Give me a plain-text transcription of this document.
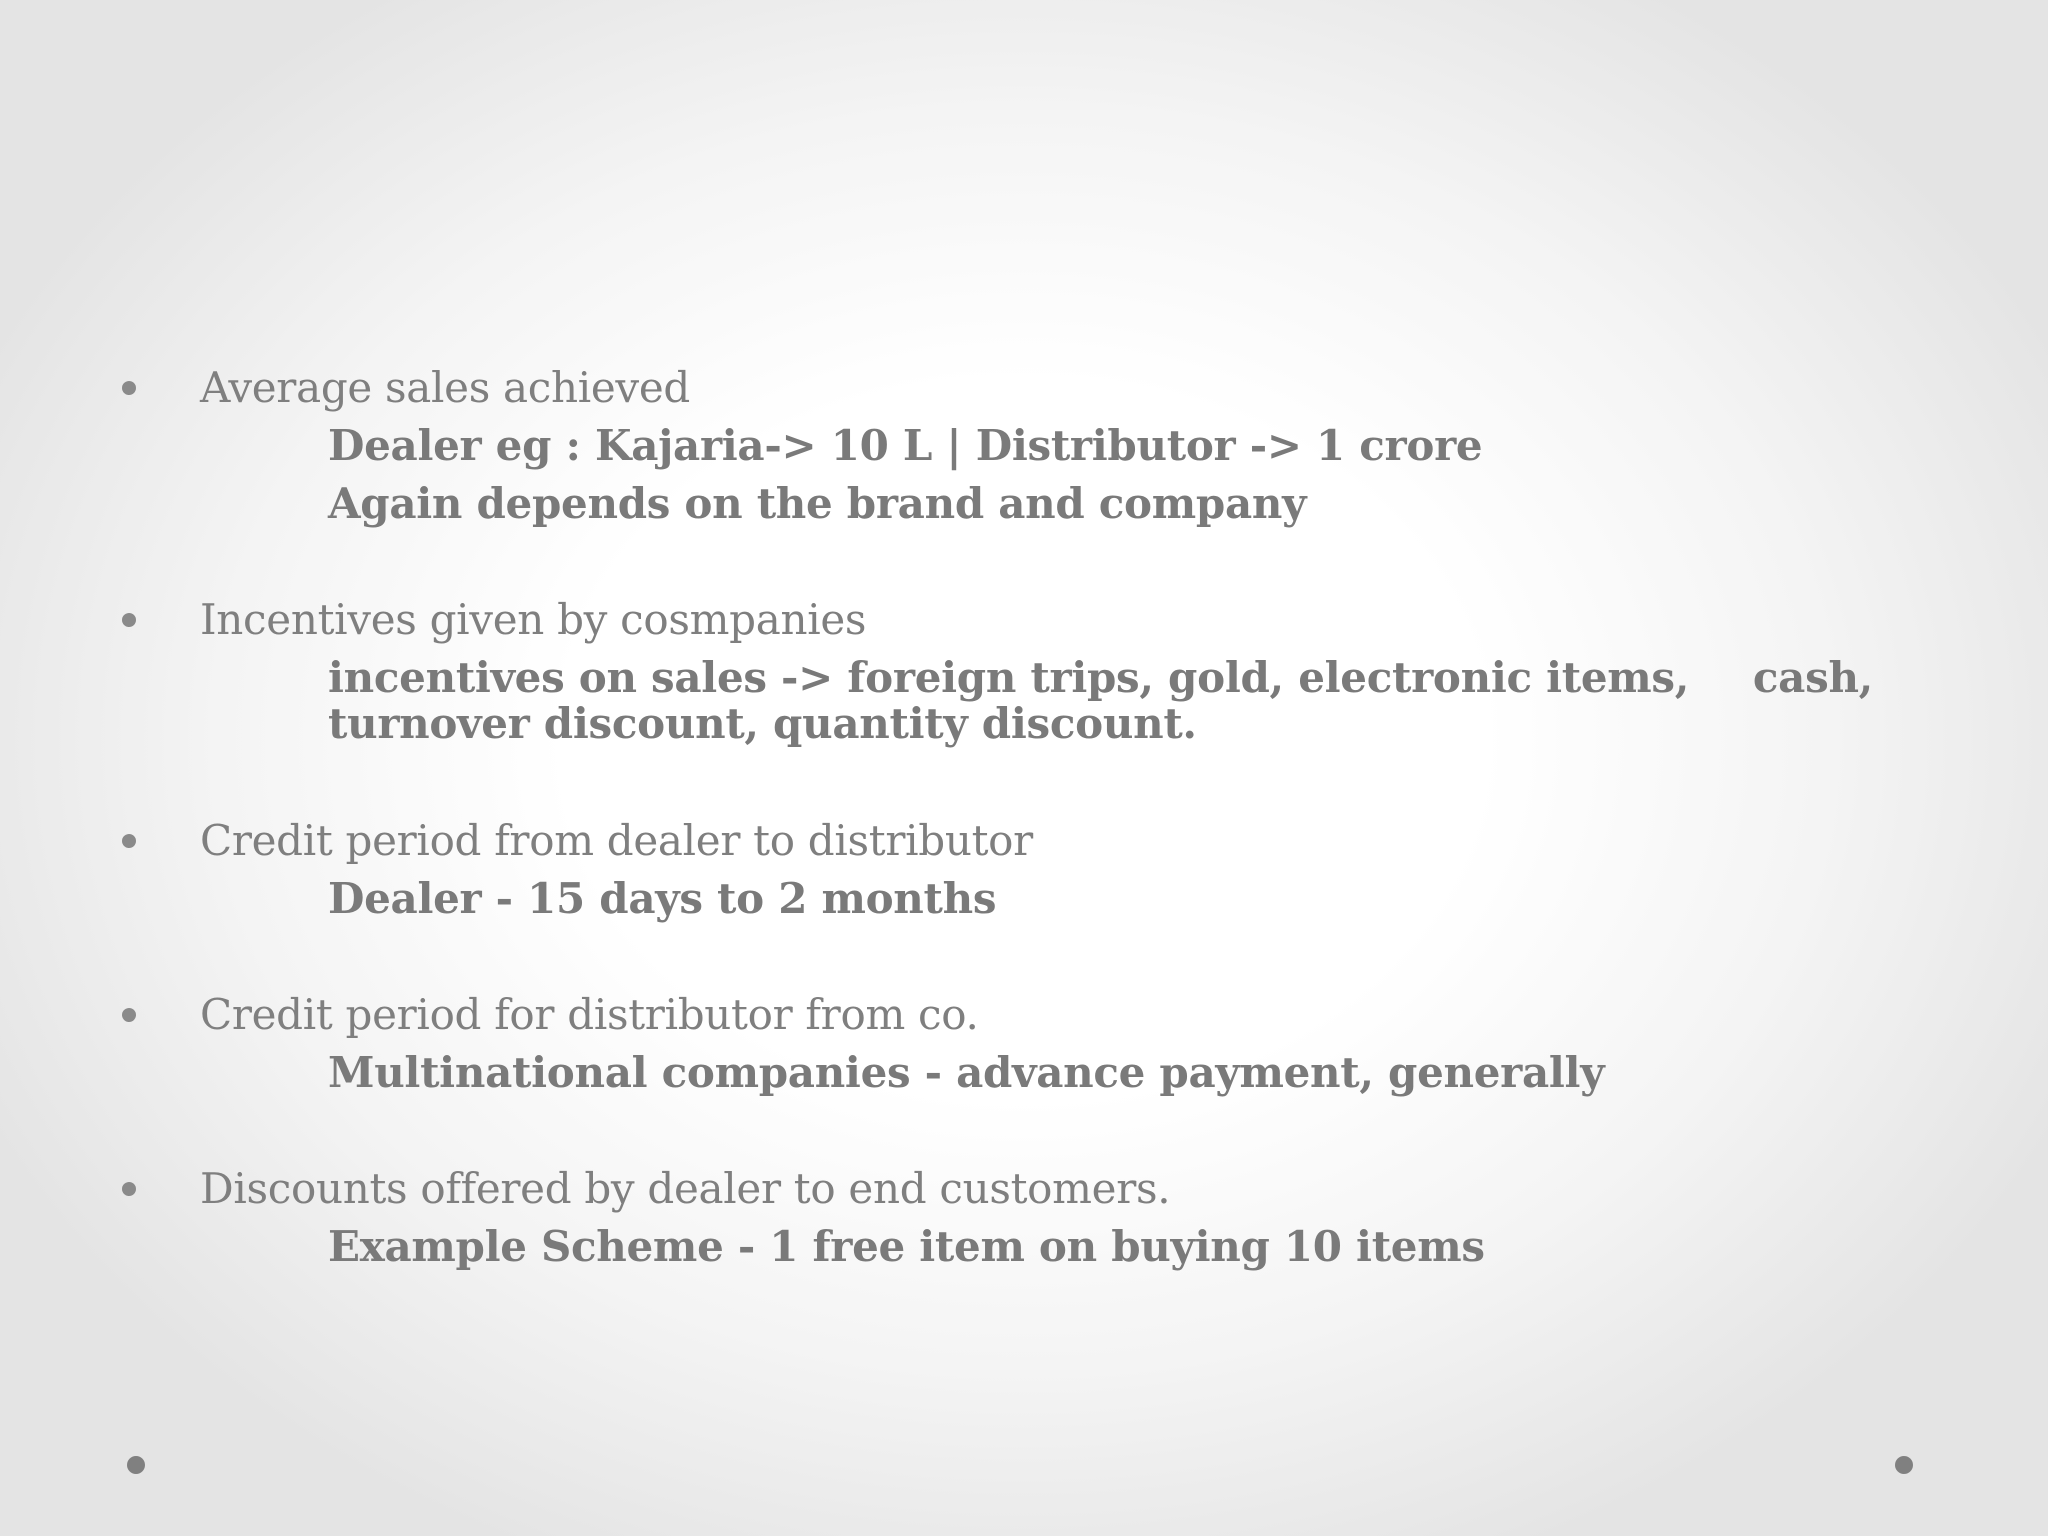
Average sales achieved
Dealer eg : Kajaria-> 10 L | Distributor -> 1 crore
Again depends on the brand and company
Incentives given by cosmpanies
incentives on sales -> foreign trips, gold, electronic items, cash,
turnover discount, quantity discount.
Credit period from dealer to distributor
Dealer - 15 days to 2 months
Credit period for distributor from co.
Multinational companies - advance payment, generally
Discounts offered by dealer to end customers.
Example Scheme - 1 free item on buying 10 items
